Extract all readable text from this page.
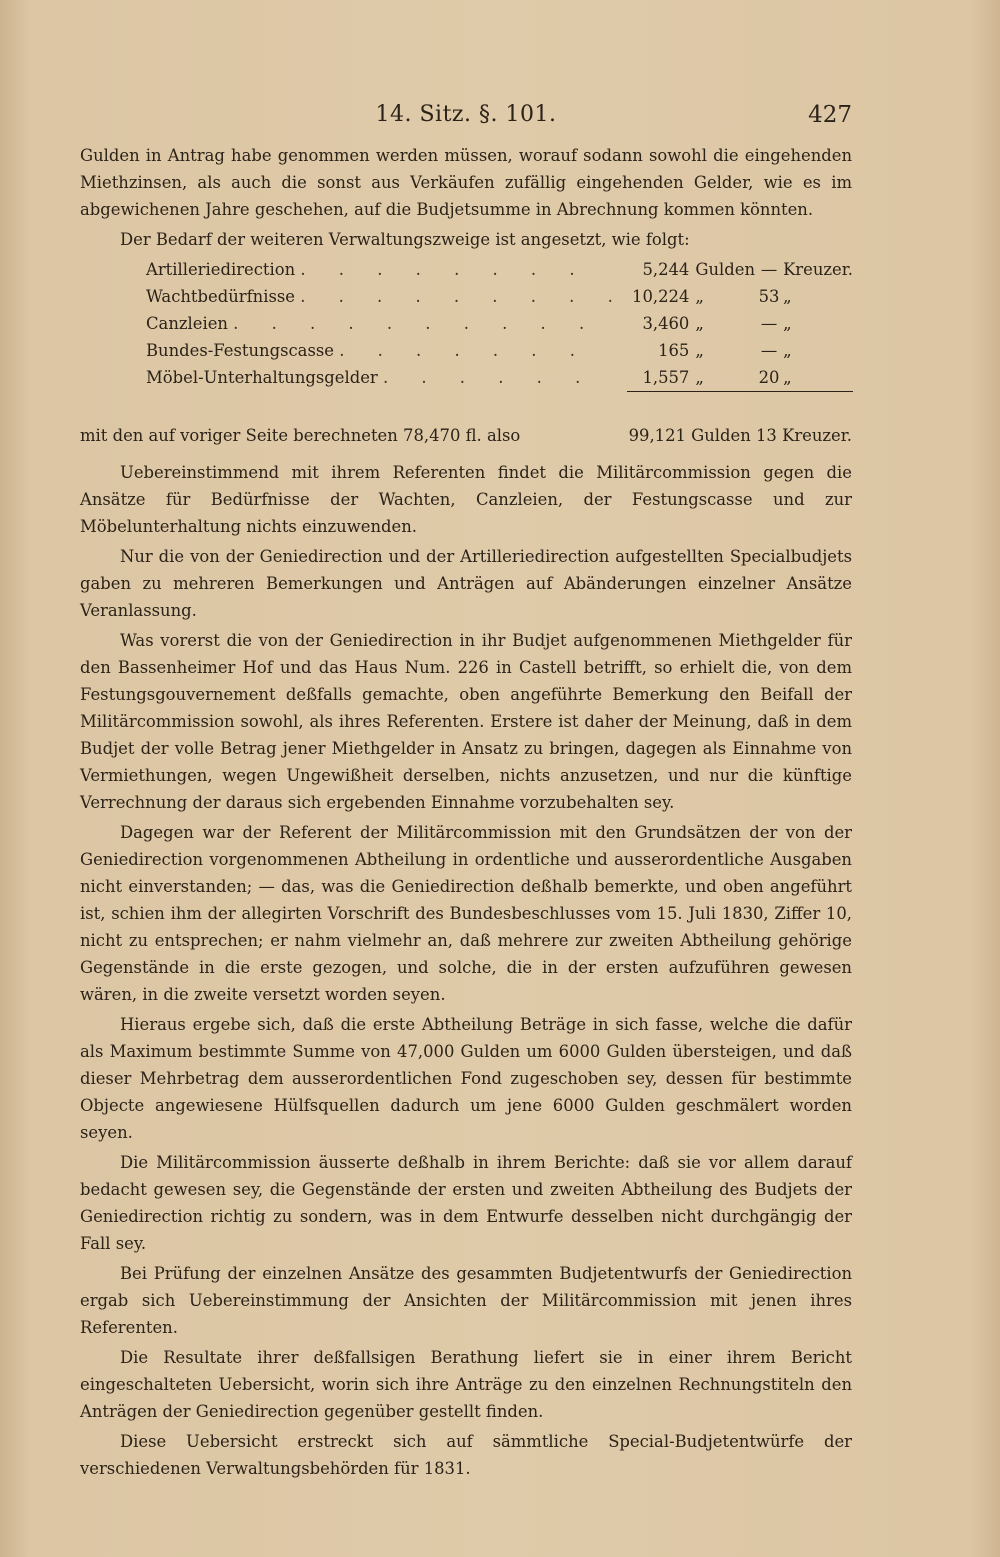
14. Sitz. §. 101.	427

Gulden in Antrag habe genommen werden müssen, worauf sodann sowohl die eingehenden Miethzinsen, als auch die sonst aus Verkäufen zufällig eingehenden Gelder, wie es im abgewichenen Jahre geschehen, auf die Budjetsumme in Abrechnung kommen könnten.

Der Bedarf der weiteren Verwaltungszweige ist angesetzt, wie folgt:

Artilleriedirection . . . . . . . .	5,244	Gulden	—	Kreuzer.
Wachtbedürfnisse . . . . . . . . .	10,224	„	53	„
Canzleien . . . . . . . . . .	3,460	„	—	„
Bundes-Festungscasse . . . . . . .	165	„	—	„
Möbel-Unterhaltungsgelder . . . . . .	1,557	„	20	„

mit den auf voriger Seite berechneten 78,470 fl. also	99,121 Gulden 13 Kreuzer.

Uebereinstimmend mit ihrem Referenten findet die Militärcommission gegen die Ansätze für Bedürfnisse der Wachten, Canzleien, der Festungscasse und zur Möbelunterhaltung nichts einzuwenden.

Nur die von der Geniedirection und der Artilleriedirection aufgestellten Specialbudjets gaben zu mehreren Bemerkungen und Anträgen auf Abänderungen einzelner Ansätze Veranlassung.

Was vorerst die von der Geniedirection in ihr Budjet aufgenommenen Miethgelder für den Bassenheimer Hof und das Haus Num. 226 in Castell betrifft, so erhielt die, von dem Festungsgouvernement deßfalls gemachte, oben angeführte Bemerkung den Beifall der Militärcommission sowohl, als ihres Referenten. Erstere ist daher der Meinung, daß in dem Budjet der volle Betrag jener Miethgelder in Ansatz zu bringen, dagegen als Einnahme von Vermiethungen, wegen Ungewißheit derselben, nichts anzusetzen, und nur die künftige Verrechnung der daraus sich ergebenden Einnahme vorzubehalten sey.

Dagegen war der Referent der Militärcommission mit den Grundsätzen der von der Geniedirection vorgenommenen Abtheilung in ordentliche und ausserordentliche Ausgaben nicht einverstanden; — das, was die Geniedirection deßhalb bemerkte, und oben angeführt ist, schien ihm der allegirten Vorschrift des Bundesbeschlusses vom 15. Juli 1830, Ziffer 10, nicht zu entsprechen; er nahm vielmehr an, daß mehrere zur zweiten Abtheilung gehörige Gegenstände in die erste gezogen, und solche, die in der ersten aufzuführen gewesen wären, in die zweite versetzt worden seyen.

Hieraus ergebe sich, daß die erste Abtheilung Beträge in sich fasse, welche die dafür als Maximum bestimmte Summe von 47,000 Gulden um 6000 Gulden übersteigen, und daß dieser Mehrbetrag dem ausserordentlichen Fond zugeschoben sey, dessen für bestimmte Objecte angewiesene Hülfsquellen dadurch um jene 6000 Gulden geschmälert worden seyen.

Die Militärcommission äusserte deßhalb in ihrem Berichte: daß sie vor allem darauf bedacht gewesen sey, die Gegenstände der ersten und zweiten Abtheilung des Budjets der Geniedirection richtig zu sondern, was in dem Entwurfe desselben nicht durchgängig der Fall sey.

Bei Prüfung der einzelnen Ansätze des gesammten Budjetentwurfs der Geniedirection ergab sich Uebereinstimmung der Ansichten der Militärcommission mit jenen ihres Referenten.

Die Resultate ihrer deßfallsigen Berathung liefert sie in einer ihrem Bericht eingeschalteten Uebersicht, worin sich ihre Anträge zu den einzelnen Rechnungstiteln den Anträgen der Geniedirection gegenüber gestellt finden.

Diese Uebersicht erstreckt sich auf sämmtliche Special-Budjetentwürfe der verschiedenen Verwaltungsbehörden für 1831.
